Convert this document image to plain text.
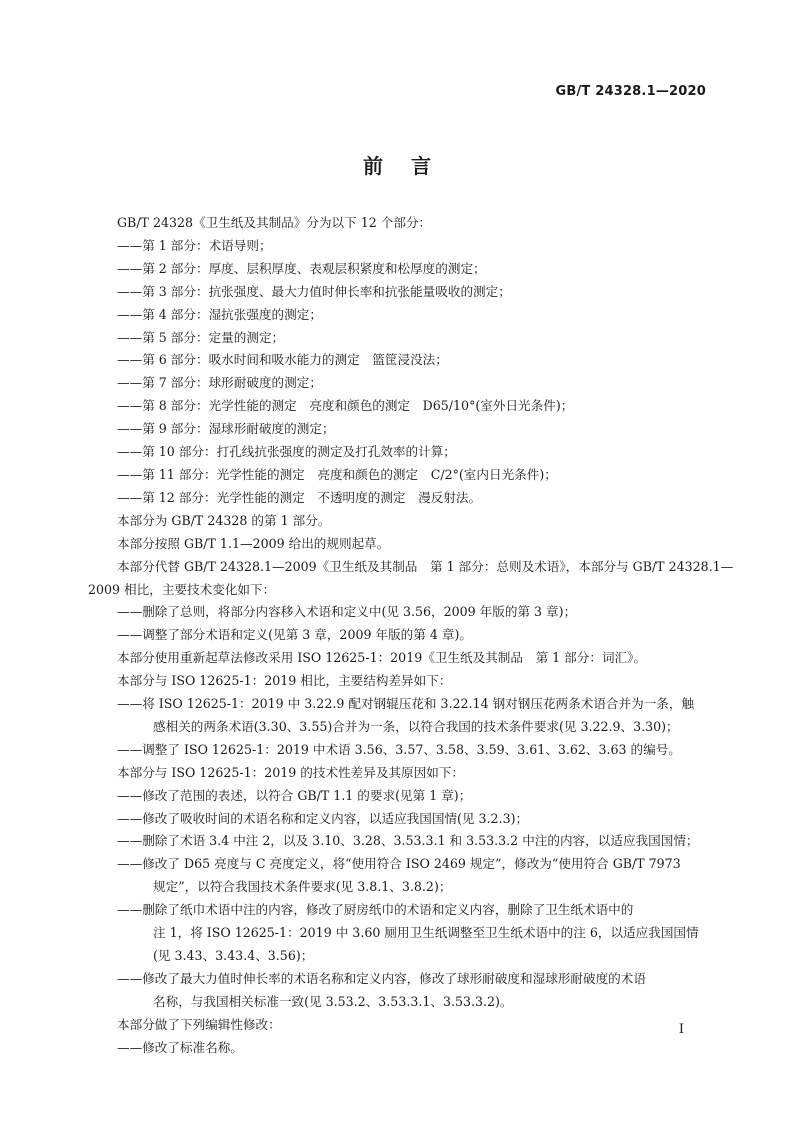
GB/T 24328.1—2020
前言

GB/T 24328《卫生纸及其制品》分为以下 12 个部分：

——第 1 部分：术语导则；

——第 2 部分：厚度、层积厚度、表观层积紧度和松厚度的测定；

——第 3 部分：抗张强度、最大力值时伸长率和抗张能量吸收的测定；

——第 4 部分：湿抗张强度的测定；

——第 5 部分：定量的测定；

——第 6 部分：吸水时间和吸水能力的测定　篮筐浸没法；

——第 7 部分：球形耐破度的测定；

——第 8 部分：光学性能的测定　亮度和颜色的测定　D65/10°(室外日光条件)；

——第 9 部分：湿球形耐破度的测定；

——第 10 部分：打孔线抗张强度的测定及打孔效率的计算；

——第 11 部分：光学性能的测定　亮度和颜色的测定　C/2°(室内日光条件)；

——第 12 部分：光学性能的测定　不透明度的测定　漫反射法。

本部分为 GB/T 24328 的第 1 部分。

本部分按照 GB/T 1.1—2009 给出的规则起草。

本部分代替 GB/T 24328.1—2009《卫生纸及其制品　第 1 部分：总则及术语》，本部分与 GB/T 24328.1—

2009 相比，主要技术变化如下：

——删除了总则，将部分内容移入术语和定义中(见 3.56，2009 年版的第 3 章)；

——调整了部分术语和定义(见第 3 章，2009 年版的第 4 章)。

本部分使用重新起草法修改采用 ISO 12625-1：2019《卫生纸及其制品　第 1 部分：词汇》。

本部分与 ISO 12625-1：2019 相比，主要结构差异如下：

——将 ISO 12625-1：2019 中 3.22.9 配对钢辊压花和 3.22.14 钢对钢压花两条术语合并为一条，触
感相关的两条术语(3.30、3.55)合并为一条，以符合我国的技术条件要求(见 3.22.9、3.30)；

——调整了 ISO 12625-1：2019 中术语 3.56、3.57、3.58、3.59、3.61、3.62、3.63 的编号。

本部分与 ISO 12625-1：2019 的技术性差异及其原因如下：

——修改了范围的表述，以符合 GB/T 1.1 的要求(见第 1 章)；

——修改了吸收时间的术语名称和定义内容，以适应我国国情(见 3.2.3)；

——删除了术语 3.4 中注 2，以及 3.10、3.28、3.53.3.1 和 3.53.3.2 中注的内容，以适应我国国情；

——修改了 D65 亮度与 C 亮度定义，将“使用符合 ISO 2469 规定”，修改为“使用符合 GB/T 7973
规定”，以符合我国技术条件要求(见 3.8.1、3.8.2)；

——删除了纸巾术语中注的内容，修改了厨房纸巾的术语和定义内容，删除了卫生纸术语中的
注 1，将 ISO 12625-1：2019 中 3.60 厕用卫生纸调整至卫生纸术语中的注 6，以适应我国国情
(见 3.43、3.43.4、3.56)；

——修改了最大力值时伸长率的术语名称和定义内容，修改了球形耐破度和湿球形耐破度的术语
名称，与我国相关标准一致(见 3.53.2、3.53.3.1、3.53.3.2)。

本部分做了下列编辑性修改：

——修改了标准名称。

I
